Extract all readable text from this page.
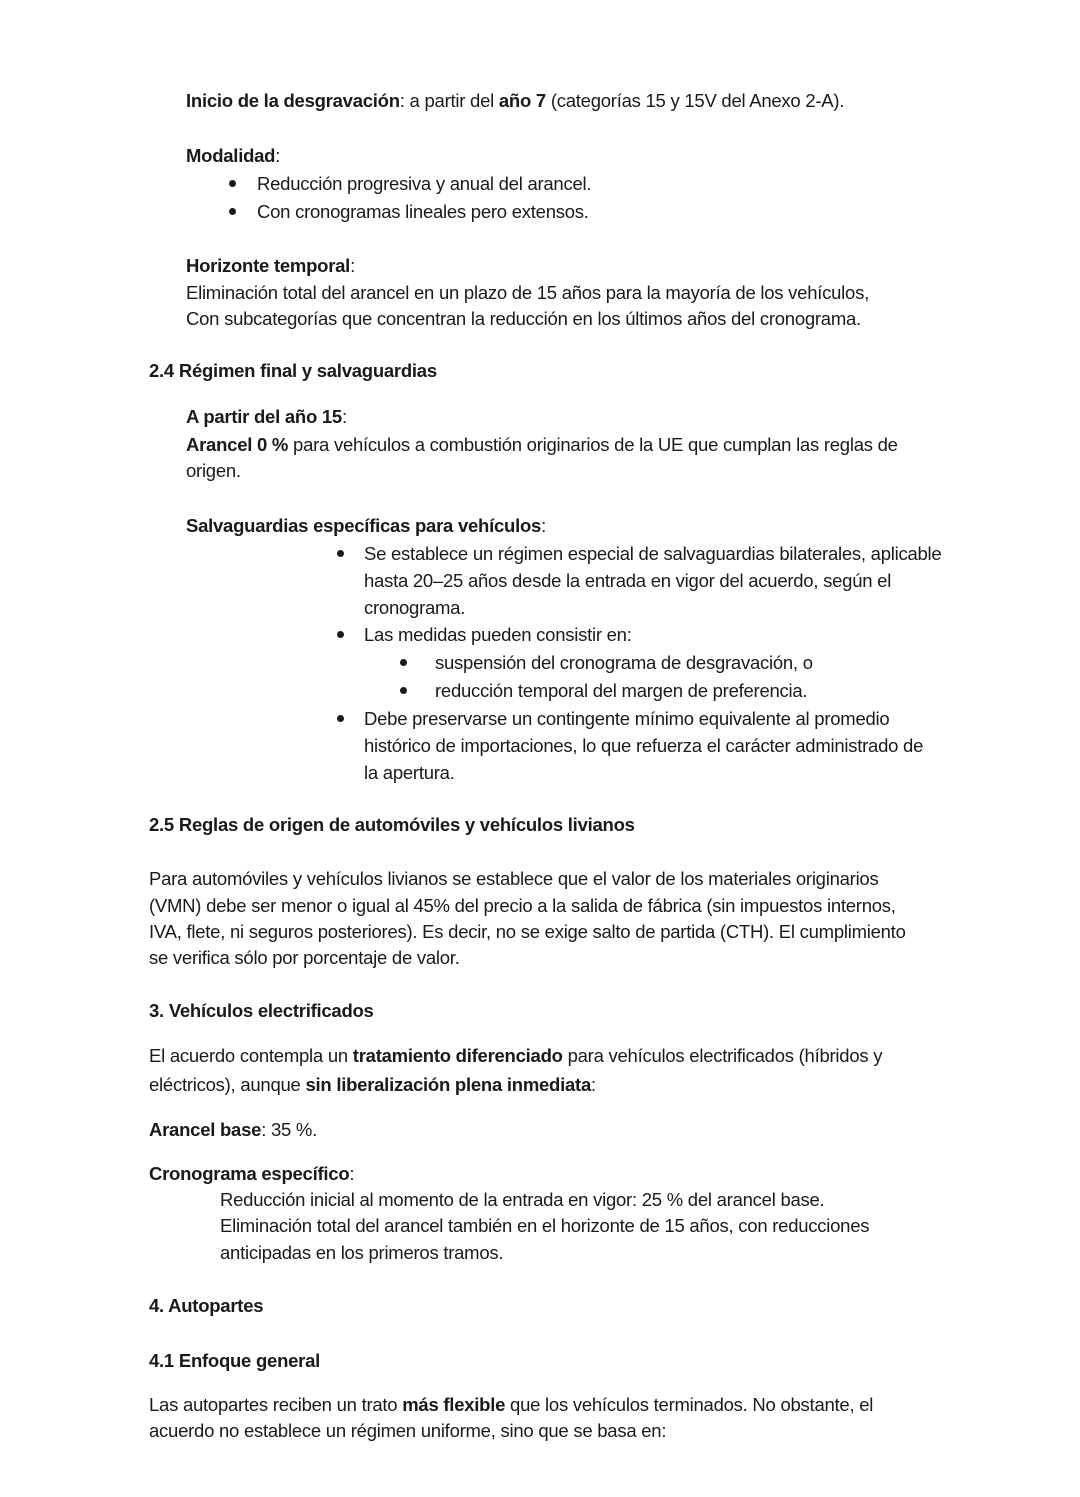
Inicio de la desgravación: a partir del año 7 (categorías 15 y 15V del Anexo 2-A).
Modalidad:
Reducción progresiva y anual del arancel.
Con cronogramas lineales pero extensos.
Horizonte temporal:
Eliminación total del arancel en un plazo de 15 años para la mayoría de los vehículos,
Con subcategorías que concentran la reducción en los últimos años del cronograma.
2.4 Régimen final y salvaguardias
A partir del año 15:
Arancel 0 % para vehículos a combustión originarios de la UE que cumplan las reglas de
origen.
Salvaguardias específicas para vehículos:
Se establece un régimen especial de salvaguardias bilaterales, aplicable
hasta 20–25 años desde la entrada en vigor del acuerdo, según el
cronograma.
Las medidas pueden consistir en:
suspensión del cronograma de desgravación, o
reducción temporal del margen de preferencia.
Debe preservarse un contingente mínimo equivalente al promedio
histórico de importaciones, lo que refuerza el carácter administrado de
la apertura.
2.5 Reglas de origen de automóviles y vehículos livianos
Para automóviles y vehículos livianos se establece que el valor de los materiales originarios
(VMN) debe ser menor o igual al 45% del precio a la salida de fábrica (sin impuestos internos,
IVA, flete, ni seguros posteriores). Es decir, no se exige salto de partida (CTH). El cumplimiento
se verifica sólo por porcentaje de valor.
3. Vehículos electrificados
El acuerdo contempla un tratamiento diferenciado para vehículos electrificados (híbridos y
eléctricos), aunque sin liberalización plena inmediata:
Arancel base: 35 %.
Cronograma específico:
Reducción inicial al momento de la entrada en vigor: 25 % del arancel base.
Eliminación total del arancel también en el horizonte de 15 años, con reducciones
anticipadas en los primeros tramos.
4. Autopartes
4.1 Enfoque general
Las autopartes reciben un trato más flexible que los vehículos terminados. No obstante, el
acuerdo no establece un régimen uniforme, sino que se basa en:
